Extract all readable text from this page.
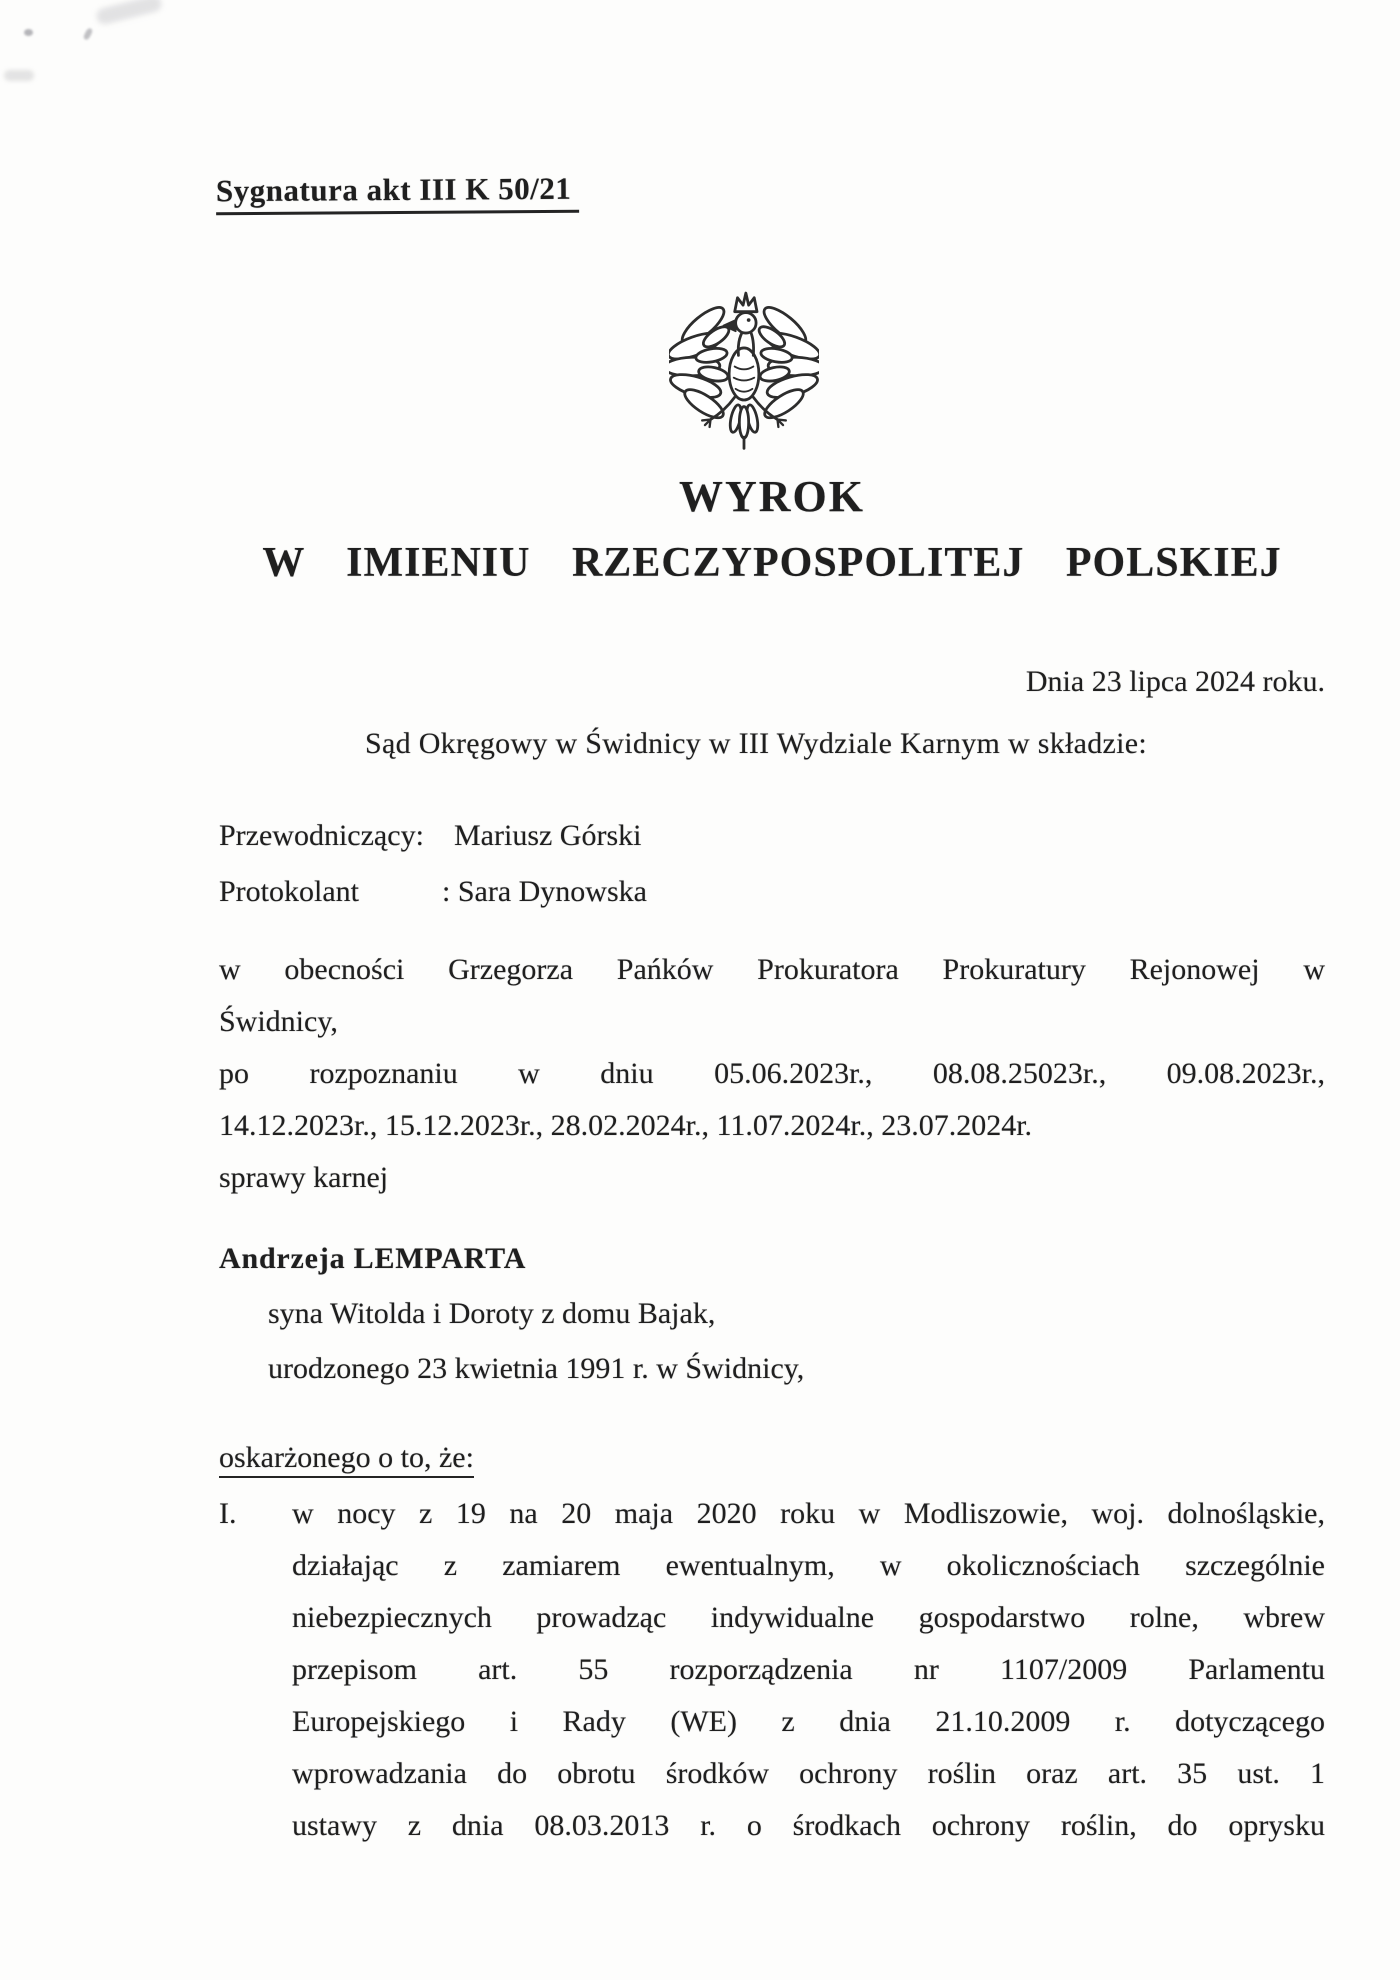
Sygnatura akt III K 50/21
WYROK
W IMIENIU RZECZYPOSPOLITEJ POLSKIEJ
Dnia 23 lipca 2024 roku.
Sąd Okręgowy w Świdnicy w III Wydziale Karnym w składzie:
Przewodniczący: Mariusz Górski
Protokolant	: Sara Dynowska
w obecności Grzegorza Pańków Prokuratora Prokuratury Rejonowej w
Świdnicy,
po rozpoznaniu w dniu 05.06.2023r., 08.08.25023r., 09.08.2023r.,
14.12.2023r., 15.12.2023r., 28.02.2024r., 11.07.2024r., 23.07.2024r.
sprawy karnej
Andrzeja LEMPARTA
syna Witolda i Doroty z domu Bajak,
urodzonego 23 kwietnia 1991 r. w Świdnicy,
oskarżonego o to, że:
I.	w nocy z 19 na 20 maja 2020 roku w Modliszowie, woj. dolnośląskie,
działając z zamiarem ewentualnym, w okolicznościach szczególnie
niebezpiecznych prowadząc indywidualne gospodarstwo rolne, wbrew
przepisom art. 55 rozporządzenia nr 1107/2009 Parlamentu
Europejskiego i Rady (WE) z dnia 21.10.2009 r. dotyczącego
wprowadzania do obrotu środków ochrony roślin oraz art. 35 ust. 1
ustawy z dnia 08.03.2013 r. o środkach ochrony roślin, do oprysku
